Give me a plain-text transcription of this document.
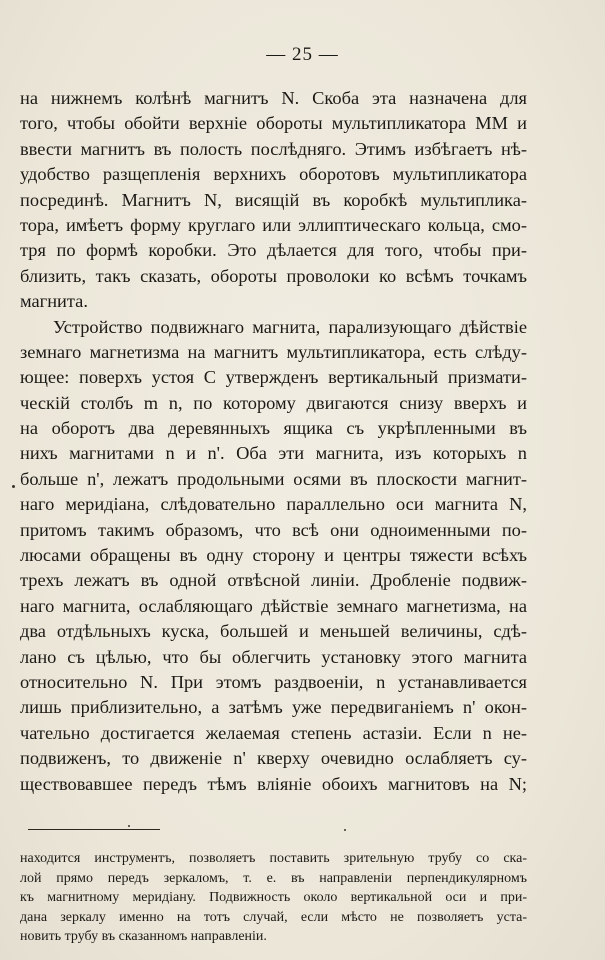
— 25 —
на нижнемъ колѣнѣ магнитъ N. Скоба эта назначена для
того, чтобы обойти верхніе обороты мультипликатора MM и
ввести магнитъ въ полость послѣдняго. Этимъ избѣгаетъ нѣ-
удобство разщепленія верхнихъ оборотовъ мультипликатора
посрединѣ. Магнитъ N, висящій въ коробкѣ мультиплика-
тора, имѣетъ форму круглаго или эллиптическаго кольца, смо-
тря по формѣ коробки. Это дѣлается для того, чтобы при-
близить, такъ сказать, обороты проволоки ко всѣмъ точкамъ
магнита.
Устройство подвижнаго магнита, парализующаго дѣйствіе
земнаго магнетизма на магнитъ мультипликатора, есть слѣду-
ющее: поверхъ устоя C утвержденъ вертикальный призмати-
ческій столбъ m n, по которому двигаются снизу вверхъ и
на оборотъ два деревянныхъ ящика съ укрѣпленными въ
нихъ магнитами n и n'. Оба эти магнита, изъ которыхъ n
больше n', лежатъ продольными осями въ плоскости магнит-
наго меридіана, слѣдовательно параллельно оси магнита N,
притомъ такимъ образомъ, что всѣ они одноименными по-
люсами обращены въ одну сторону и центры тяжести всѣхъ
трехъ лежатъ въ одной отвѣсной линіи. Дробленіе подвиж-
наго магнита, ослабляющаго дѣйствіе земнаго магнетизма, на
два отдѣльныхъ куска, большей и меньшей величины, сдѣ-
лано съ цѣлью, что бы облегчить установку этого магнита
относительно N. При этомъ раздвоеніи, n устанавливается
лишь приблизительно, а затѣмъ уже передвиганіемъ n' окон-
чательно достигается желаемая степень астазіи. Если n не-
подвиженъ, то движеніе n' кверху очевидно ослабляетъ су-
ществовавшее передъ тѣмъ вліяніе обоихъ магнитовъ на N;
находится инструментъ, позволяетъ поставить зрительную трубу со ска-
лой прямо передъ зеркаломъ, т. е. въ направленіи перпендикулярномъ
къ магнитному меридіану. Подвижность около вертикальной оси и при-
дана зеркалу именно на тотъ случай, если мѣсто не позволяетъ уста-
новить трубу въ сказанномъ направленіи.
